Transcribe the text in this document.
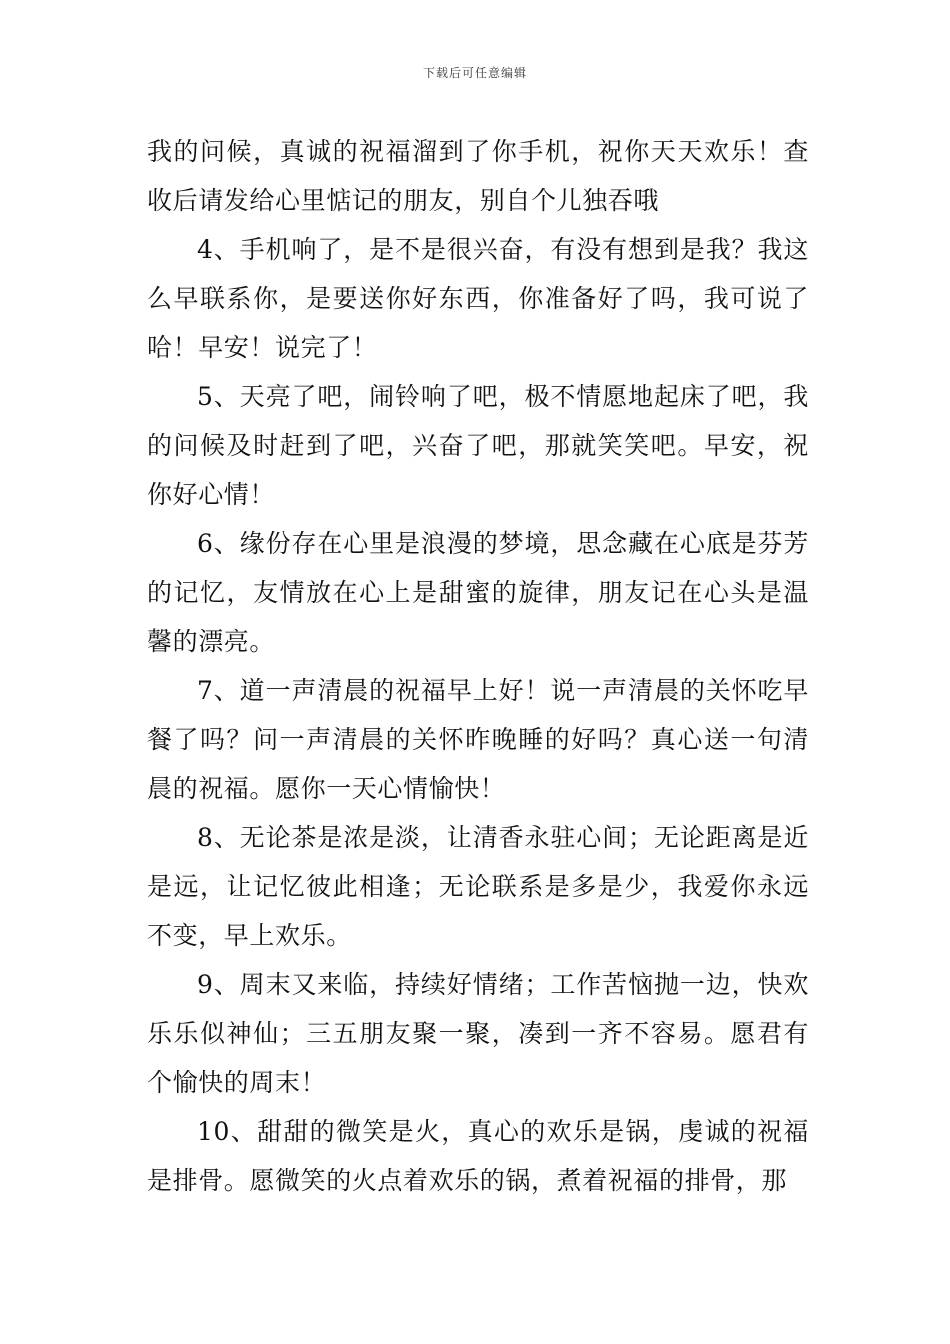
下载后可任意编辑

我的问候，真诚的祝福溜到了你手机，祝你天天欢乐！查收后请发给心里惦记的朋友，别自个儿独吞哦

4、手机响了，是不是很兴奋，有没有想到是我？我这么早联系你，是要送你好东西，你准备好了吗，我可说了哈！早安！说完了！

5、天亮了吧，闹铃响了吧，极不情愿地起床了吧，我的问候及时赶到了吧，兴奋了吧，那就笑笑吧。早安，祝你好心情！

6、缘份存在心里是浪漫的梦境，思念藏在心底是芬芳的记忆，友情放在心上是甜蜜的旋律，朋友记在心头是温馨的漂亮。

7、道一声清晨的祝福早上好！说一声清晨的关怀吃早餐了吗？问一声清晨的关怀昨晚睡的好吗？真心送一句清晨的祝福。愿你一天心情愉快！

8、无论茶是浓是淡，让清香永驻心间；无论距离是近是远，让记忆彼此相逢；无论联系是多是少，我爱你永远不变，早上欢乐。

9、周末又来临，持续好情绪；工作苦恼抛一边，快欢乐乐似神仙；三五朋友聚一聚，凑到一齐不容易。愿君有个愉快的周末！

10、甜甜的微笑是火，真心的欢乐是锅，虔诚的祝福是排骨。愿微笑的火点着欢乐的锅，煮着祝福的排骨，那
